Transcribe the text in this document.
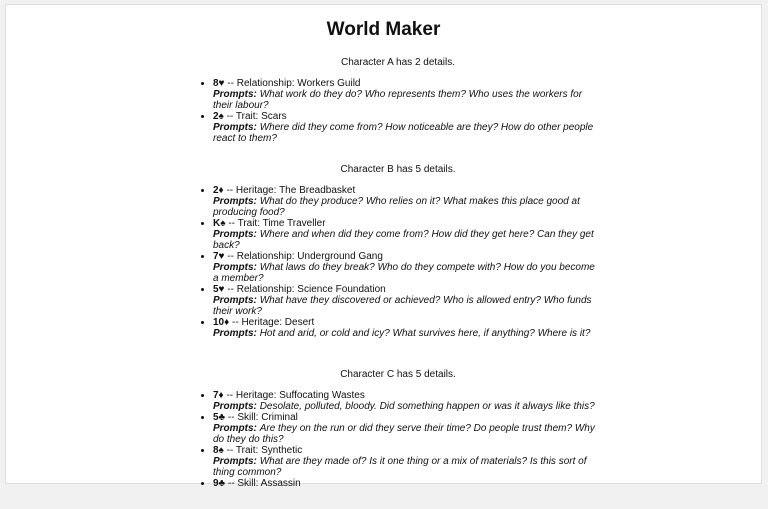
World Maker
Character A has 2 details.
• 8♥ -- Relationship: Workers Guild
Prompts: What work do they do? Who represents them? Who uses the workers for their labour?
• 2♠ -- Trait: Scars
Prompts: Where did they come from? How noticeable are they? How do other people react to them?
Character B has 5 details.
• 2♦ -- Heritage: The Breadbasket
Prompts: What do they produce? Who relies on it? What makes this place good at producing food?
• K♠ -- Trait: Time Traveller
Prompts: Where and when did they come from? How did they get here? Can they get back?
• 7♥ -- Relationship: Underground Gang
Prompts: What laws do they break? Who do they compete with? How do you become a member?
• 5♥ -- Relationship: Science Foundation
Prompts: What have they discovered or achieved? Who is allowed entry? Who funds their work?
• 10♦ -- Heritage: Desert
Prompts: Hot and arid, or cold and icy? What survives here, if anything? Where is it?
Character C has 5 details.
• 7♦ -- Heritage: Suffocating Wastes
Prompts: Desolate, polluted, bloody. Did something happen or was it always like this?
• 5♣ -- Skill: Criminal
Prompts: Are they on the run or did they serve their time? Do people trust them? Why do they do this?
• 8♠ -- Trait: Synthetic
Prompts: What are they made of? Is it one thing or a mix of materials? Is this sort of thing common?
• 9♣ -- Skill: Assassin
